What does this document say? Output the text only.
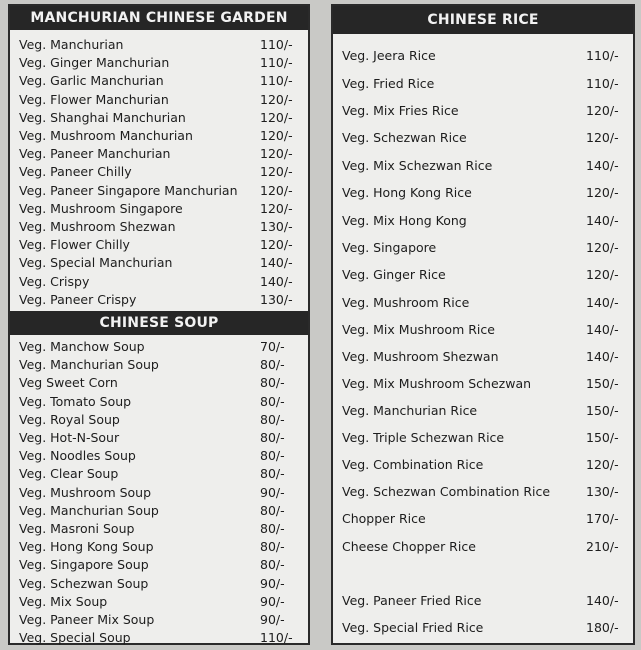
MANCHURIAN CHINESE GARDEN
Veg. Manchurian	110/-
Veg. Ginger Manchurian	110/-
Veg. Garlic Manchurian	110/-
Veg. Flower Manchurian	120/-
Veg. Shanghai Manchurian	120/-
Veg. Mushroom Manchurian	120/-
Veg. Paneer Manchurian	120/-
Veg. Paneer Chilly	120/-
Veg. Paneer Singapore Manchurian 120/-
Veg. Mushroom Singapore	120/-
Veg. Mushroom Shezwan	130/-
Veg. Flower Chilly	120/-
Veg. Special Manchurian	140/-
Veg. Crispy	140/-
Veg. Paneer Crispy	130/-
CHINESE SOUP
Veg. Manchow Soup	70/-
Veg. Manchurian Soup	80/-
Veg Sweet Corn	80/-
Veg. Tomato Soup	80/-
Veg. Royal Soup	80/-
Veg. Hot-N-Sour	80/-
Veg. Noodles Soup	80/-
Veg. Clear Soup	80/-
Veg. Mushroom Soup	90/-
Veg. Manchurian Soup	80/-
Veg. Masroni Soup	80/-
Veg. Hong Kong Soup	80/-
Veg. Singapore Soup	80/-
Veg. Schezwan Soup	90/-
Veg. Mix Soup	90/-
Veg. Paneer Mix Soup	90/-
Veg. Special Soup	110/-
CHINESE RICE
Veg. Jeera Rice	110/-
Veg. Fried Rice	110/-
Veg. Mix Fries Rice	120/-
Veg. Schezwan Rice	120/-
Veg. Mix Schezwan Rice	140/-
Veg. Hong Kong Rice	120/-
Veg. Mix Hong Kong	140/-
Veg. Singapore	120/-
Veg. Ginger Rice	120/-
Veg. Mushroom Rice	140/-
Veg. Mix Mushroom Rice	140/-
Veg. Mushroom Shezwan	140/-
Veg. Mix Mushroom Schezwan	150/-
Veg. Manchurian Rice	150/-
Veg. Triple Schezwan Rice	150/-
Veg. Combination Rice	120/-
Veg. Schezwan Combination Rice	130/-
Chopper Rice	170/-
Cheese Chopper Rice	210/-
Veg. Paneer Fried Rice	140/-
Veg. Special Fried Rice	180/-
